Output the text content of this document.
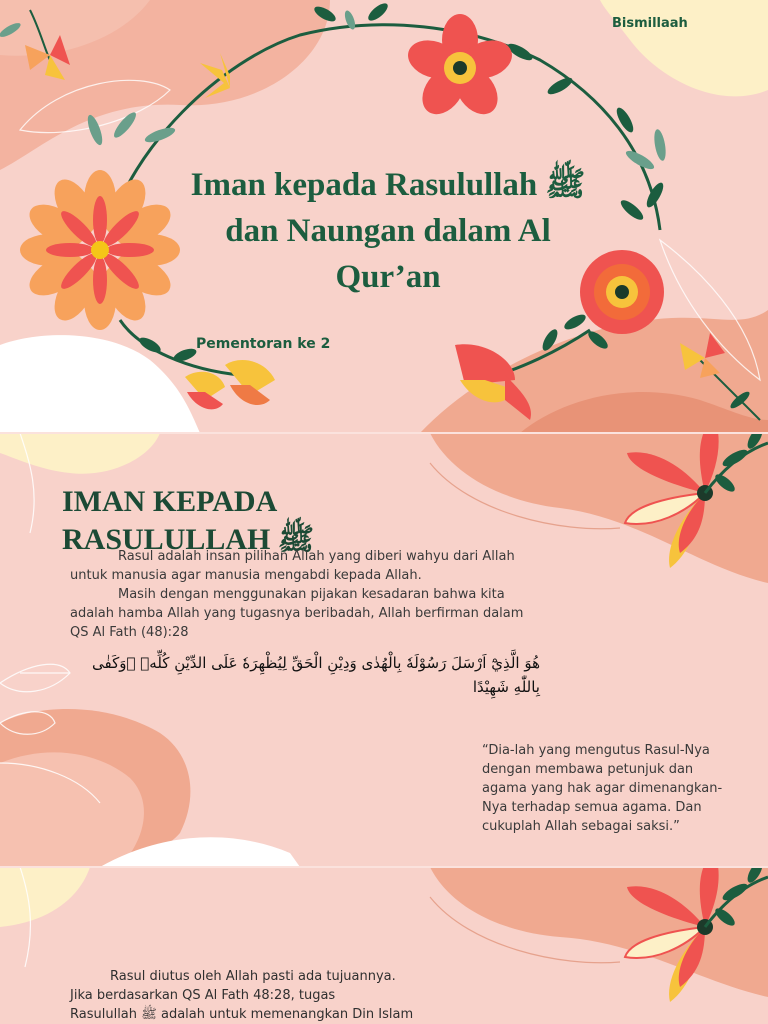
Bismillaah
Iman kepada Rasulullah ﷺ dan Naungan dalam Al Qur’an
Pementoran ke 2
IMAN KEPADA RASULULLAH ﷺ

Rasul adalah insan pilihan Allah yang diberi wahyu dari Allah untuk manusia agar manusia mengabdi kepada Allah.

Masih dengan menggunakan pijakan kesadaran bahwa kita adalah hamba Allah yang tugasnya beribadah, Allah berfirman dalam QS Al Fath (48):28

هُوَ الَّذِيْٓ اَرْسَلَ رَسُوْلَهٗ بِالْهُدٰى وَدِيْنِ الْحَقِّ لِيُظْهِرَهٗ عَلَى الدِّيْنِ كُلِّهٖ ۗوَكَفٰى بِاللّٰهِ شَهِيْدًا
“Dia-lah yang mengutus Rasul-Nya dengan membawa petunjuk dan agama yang hak agar dimenangkan-Nya terhadap semua agama. Dan cukuplah Allah sebagai saksi.”
Rasul diutus oleh Allah pasti ada tujuannya.
Jika berdasarkan QS Al Fath 48:28, tugas
Rasulullah ﷺ adalah untuk memenangkan Din Islam
